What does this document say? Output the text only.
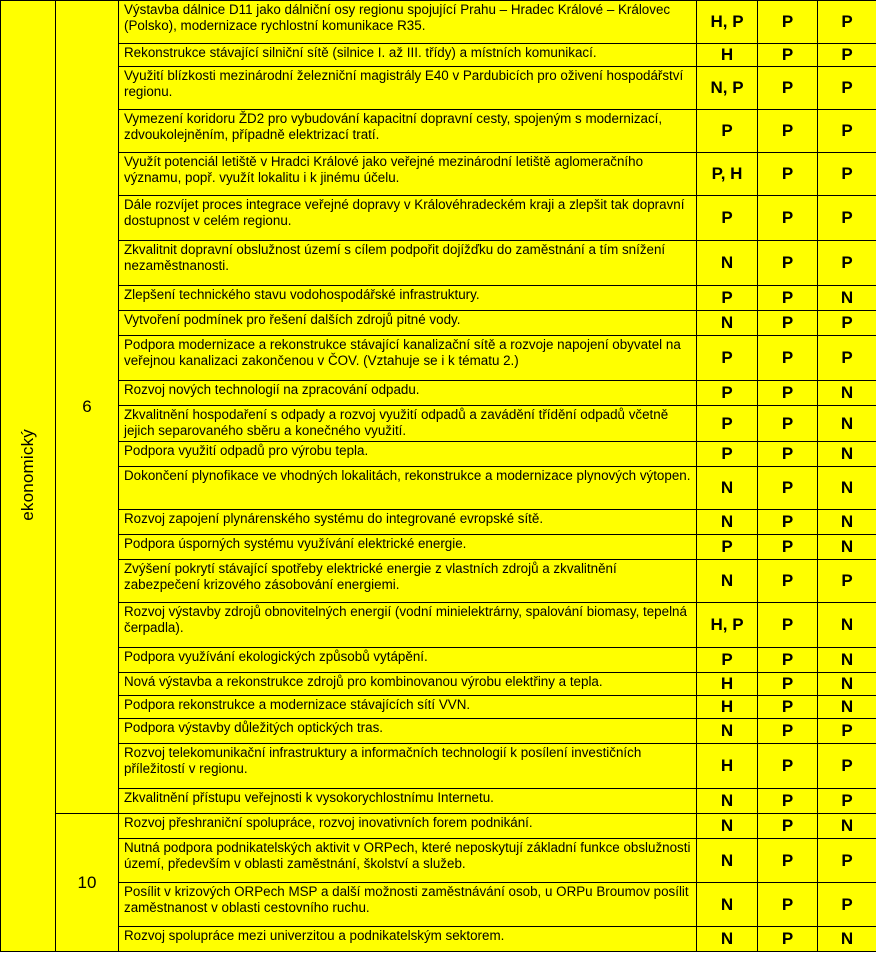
ekonomický	6	Výstavba dálnice D11 jako dálniční osy regionu spojující Prahu – Hradec Králové – Královec (Polsko), modernizace rychlostní komunikace R35.	H, P	P	P
		Rekonstrukce stávající silniční sítě (silnice I. až III. třídy) a místních komunikací.	H	P	P
		Využití blízkosti mezinárodní železniční magistrály E40 v Pardubicích pro oživení hospodářství regionu.	N, P	P	P
		Vymezení koridoru ŽD2 pro vybudování kapacitní dopravní cesty, spojeným s modernizací, zdvoukolejněním, případně elektrizací tratí.	P	P	P
		Využít potenciál letiště v Hradci Králové jako veřejné mezinárodní letiště aglomeračního významu, popř. využít lokalitu i k jinému účelu.	P, H	P	P
		Dále rozvíjet proces integrace veřejné dopravy v Královéhradeckém kraji a zlepšit tak dopravní dostupnost v celém regionu.	P	P	P
		Zkvalitnit dopravní obslužnost území s cílem podpořit dojížďku do zaměstnání a tím snížení nezaměstnanosti.	N	P	P
		Zlepšení technického stavu vodohospodářské infrastruktury.	P	P	N
		Vytvoření podmínek pro řešení dalších zdrojů pitné vody.	N	P	P
		Podpora modernizace a rekonstrukce stávající kanalizační sítě a rozvoje napojení obyvatel na veřejnou kanalizaci zakončenou v ČOV. (Vztahuje se i k tématu 2.)	P	P	P
		Rozvoj nových technologií na zpracování odpadu.	P	P	N
		Zkvalitnění hospodaření s odpady a rozvoj využití odpadů a zavádění třídění odpadů včetně jejich separovaného sběru a konečného využití.	P	P	N
		Podpora využití odpadů pro výrobu tepla.	P	P	N
		Dokončení plynofikace ve vhodných lokalitách, rekonstrukce a modernizace plynových výtopen.	N	P	N
		Rozvoj zapojení plynárenského systému do integrované evropské sítě.	N	P	N
		Podpora úsporných systému využívání elektrické energie.	P	P	N
		Zvýšení pokrytí stávající spotřeby elektrické energie z vlastních zdrojů a zkvalitnění zabezpečení krizového zásobování energiemi.	N	P	P
		Rozvoj výstavby zdrojů obnovitelných energií (vodní minielektrárny, spalování biomasy, tepelná čerpadla).	H, P	P	N
		Podpora využívání ekologických způsobů vytápění.	P	P	N
		Nová výstavba a rekonstrukce zdrojů pro kombinovanou výrobu elektřiny a tepla.	H	P	N
		Podpora rekonstrukce a modernizace stávajících sítí VVN.	H	P	N
		Podpora výstavby důležitých optických tras.	N	P	P
		Rozvoj telekomunikační infrastruktury a informačních technologií k posílení investičních příležitostí v regionu.	H	P	P
		Zkvalitnění přístupu veřejnosti k vysokorychlostnímu Internetu.	N	P	P
	10	Rozvoj přeshraniční spolupráce, rozvoj inovativních forem podnikání.	N	P	N
		Nutná podpora podnikatelských aktivit v ORPech, které neposkytují základní funkce obslužnosti území, především v oblasti zaměstnání, školství a služeb.	N	P	P
		Posílit v krizových ORPech MSP a další možnosti zaměstnávání osob, u ORPu Broumov posílit zaměstnanost v oblasti cestovního ruchu.	N	P	P
		Rozvoj spolupráce mezi univerzitou a podnikatelským sektorem.	N	P	N
